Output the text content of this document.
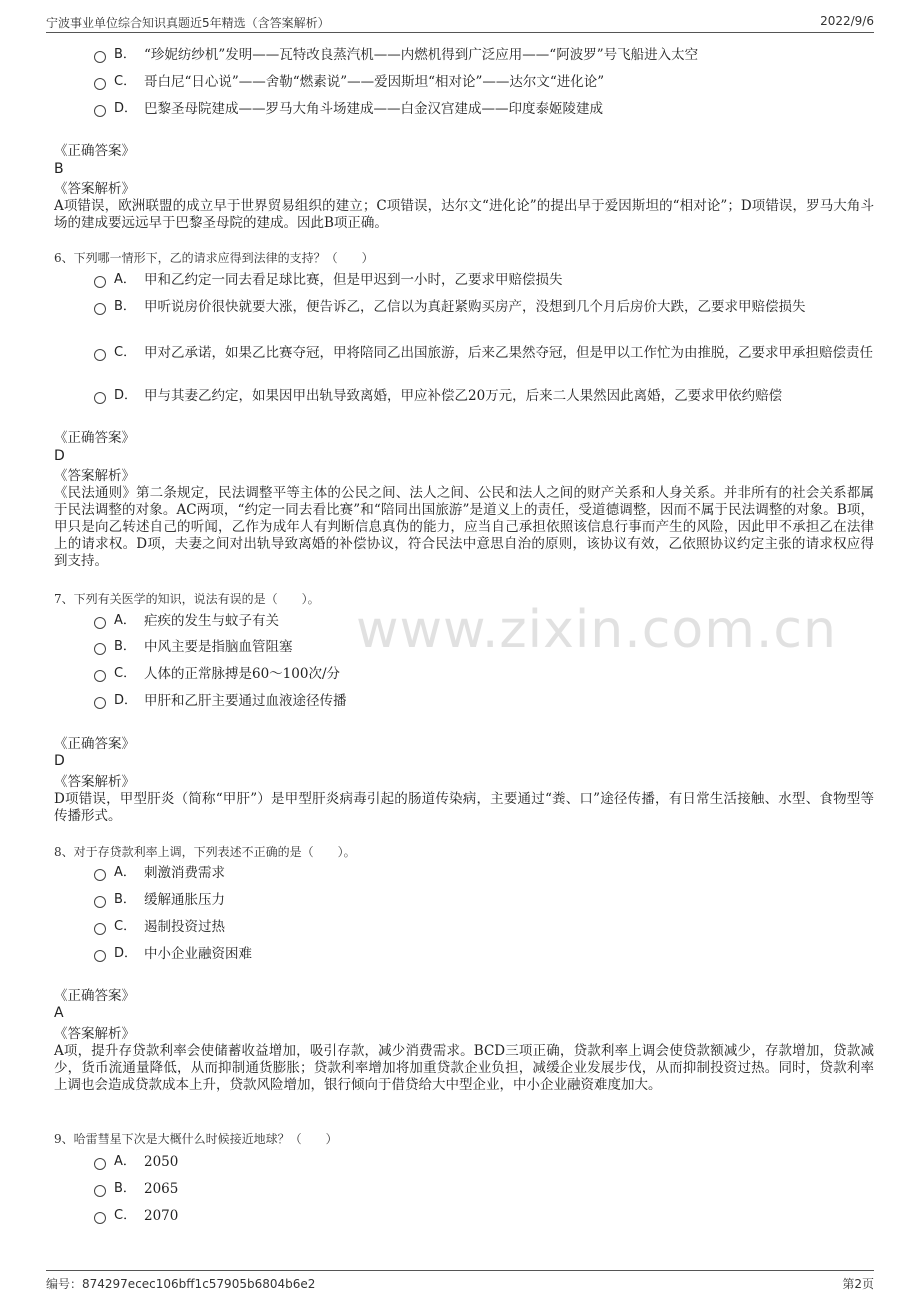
宁波事业单位综合知识真题近5年精选（含答案解析）	2022/9/6
www.zixin.com.cn
B． “珍妮纺纱机”发明——瓦特改良蒸汽机——内燃机得到广泛应用——“阿波罗”号飞船进入太空
C． 哥白尼“日心说”——舍勒“燃素说”——爱因斯坦“相对论”——达尔文“进化论”
D． 巴黎圣母院建成——罗马大角斗场建成——白金汉宫建成——印度泰姬陵建成
《正确答案》
B
《答案解析》
A项错误，欧洲联盟的成立早于世界贸易组织的建立；C项错误，达尔文“进化论”的提出早于爱因斯坦的“相对论”；D项错误，罗马大角斗场的建成要远远早于巴黎圣母院的建成。因此B项正确。
6、下列哪一情形下，乙的请求应得到法律的支持？（　　）
A． 甲和乙约定一同去看足球比赛，但是甲迟到一小时，乙要求甲赔偿损失
B． 甲听说房价很快就要大涨，便告诉乙，乙信以为真赶紧购买房产，没想到几个月后房价大跌，乙要求甲赔偿损失
C． 甲对乙承诺，如果乙比赛夺冠，甲将陪同乙出国旅游，后来乙果然夺冠，但是甲以工作忙为由推脱，乙要求甲承担赔偿责任
D． 甲与其妻乙约定，如果因甲出轨导致离婚，甲应补偿乙20万元，后来二人果然因此离婚，乙要求甲依约赔偿
《正确答案》
D
《答案解析》
《民法通则》第二条规定，民法调整平等主体的公民之间、法人之间、公民和法人之间的财产关系和人身关系。并非所有的社会关系都属于民法调整的对象。AC两项，“约定一同去看比赛”和“陪同出国旅游”是道义上的责任，受道德调整，因而不属于民法调整的对象。B项，甲只是向乙转述自己的听闻，乙作为成年人有判断信息真伪的能力，应当自己承担依照该信息行事而产生的风险，因此甲不承担乙在法律上的请求权。D项，夫妻之间对出轨导致离婚的补偿协议，符合民法中意思自治的原则，该协议有效，乙依照协议约定主张的请求权应得到支持。
7、下列有关医学的知识，说法有误的是（　　）。
A． 疟疾的发生与蚊子有关
B． 中风主要是指脑血管阻塞
C． 人体的正常脉搏是60～100次/分
D． 甲肝和乙肝主要通过血液途径传播
《正确答案》
D
《答案解析》
D项错误，甲型肝炎（简称“甲肝”）是甲型肝炎病毒引起的肠道传染病，主要通过“粪、口”途径传播，有日常生活接触、水型、食物型等传播形式。
8、对于存贷款利率上调，下列表述不正确的是（　　）。
A． 刺激消费需求
B． 缓解通胀压力
C． 遏制投资过热
D． 中小企业融资困难
《正确答案》
A
《答案解析》
A项，提升存贷款利率会使储蓄收益增加，吸引存款，减少消费需求。BCD三项正确，贷款利率上调会使贷款额减少，存款增加，贷款减少，货币流通量降低，从而抑制通货膨胀；贷款利率增加将加重贷款企业负担，减缓企业发展步伐，从而抑制投资过热。同时，贷款利率上调也会造成贷款成本上升，贷款风险增加，银行倾向于借贷给大中型企业，中小企业融资难度加大。
9、哈雷彗星下次是大概什么时候接近地球？（　　）
A． 2050
B． 2065
C． 2070
编号：874297ecec106bff1c57905b6804b6e2	第2页
